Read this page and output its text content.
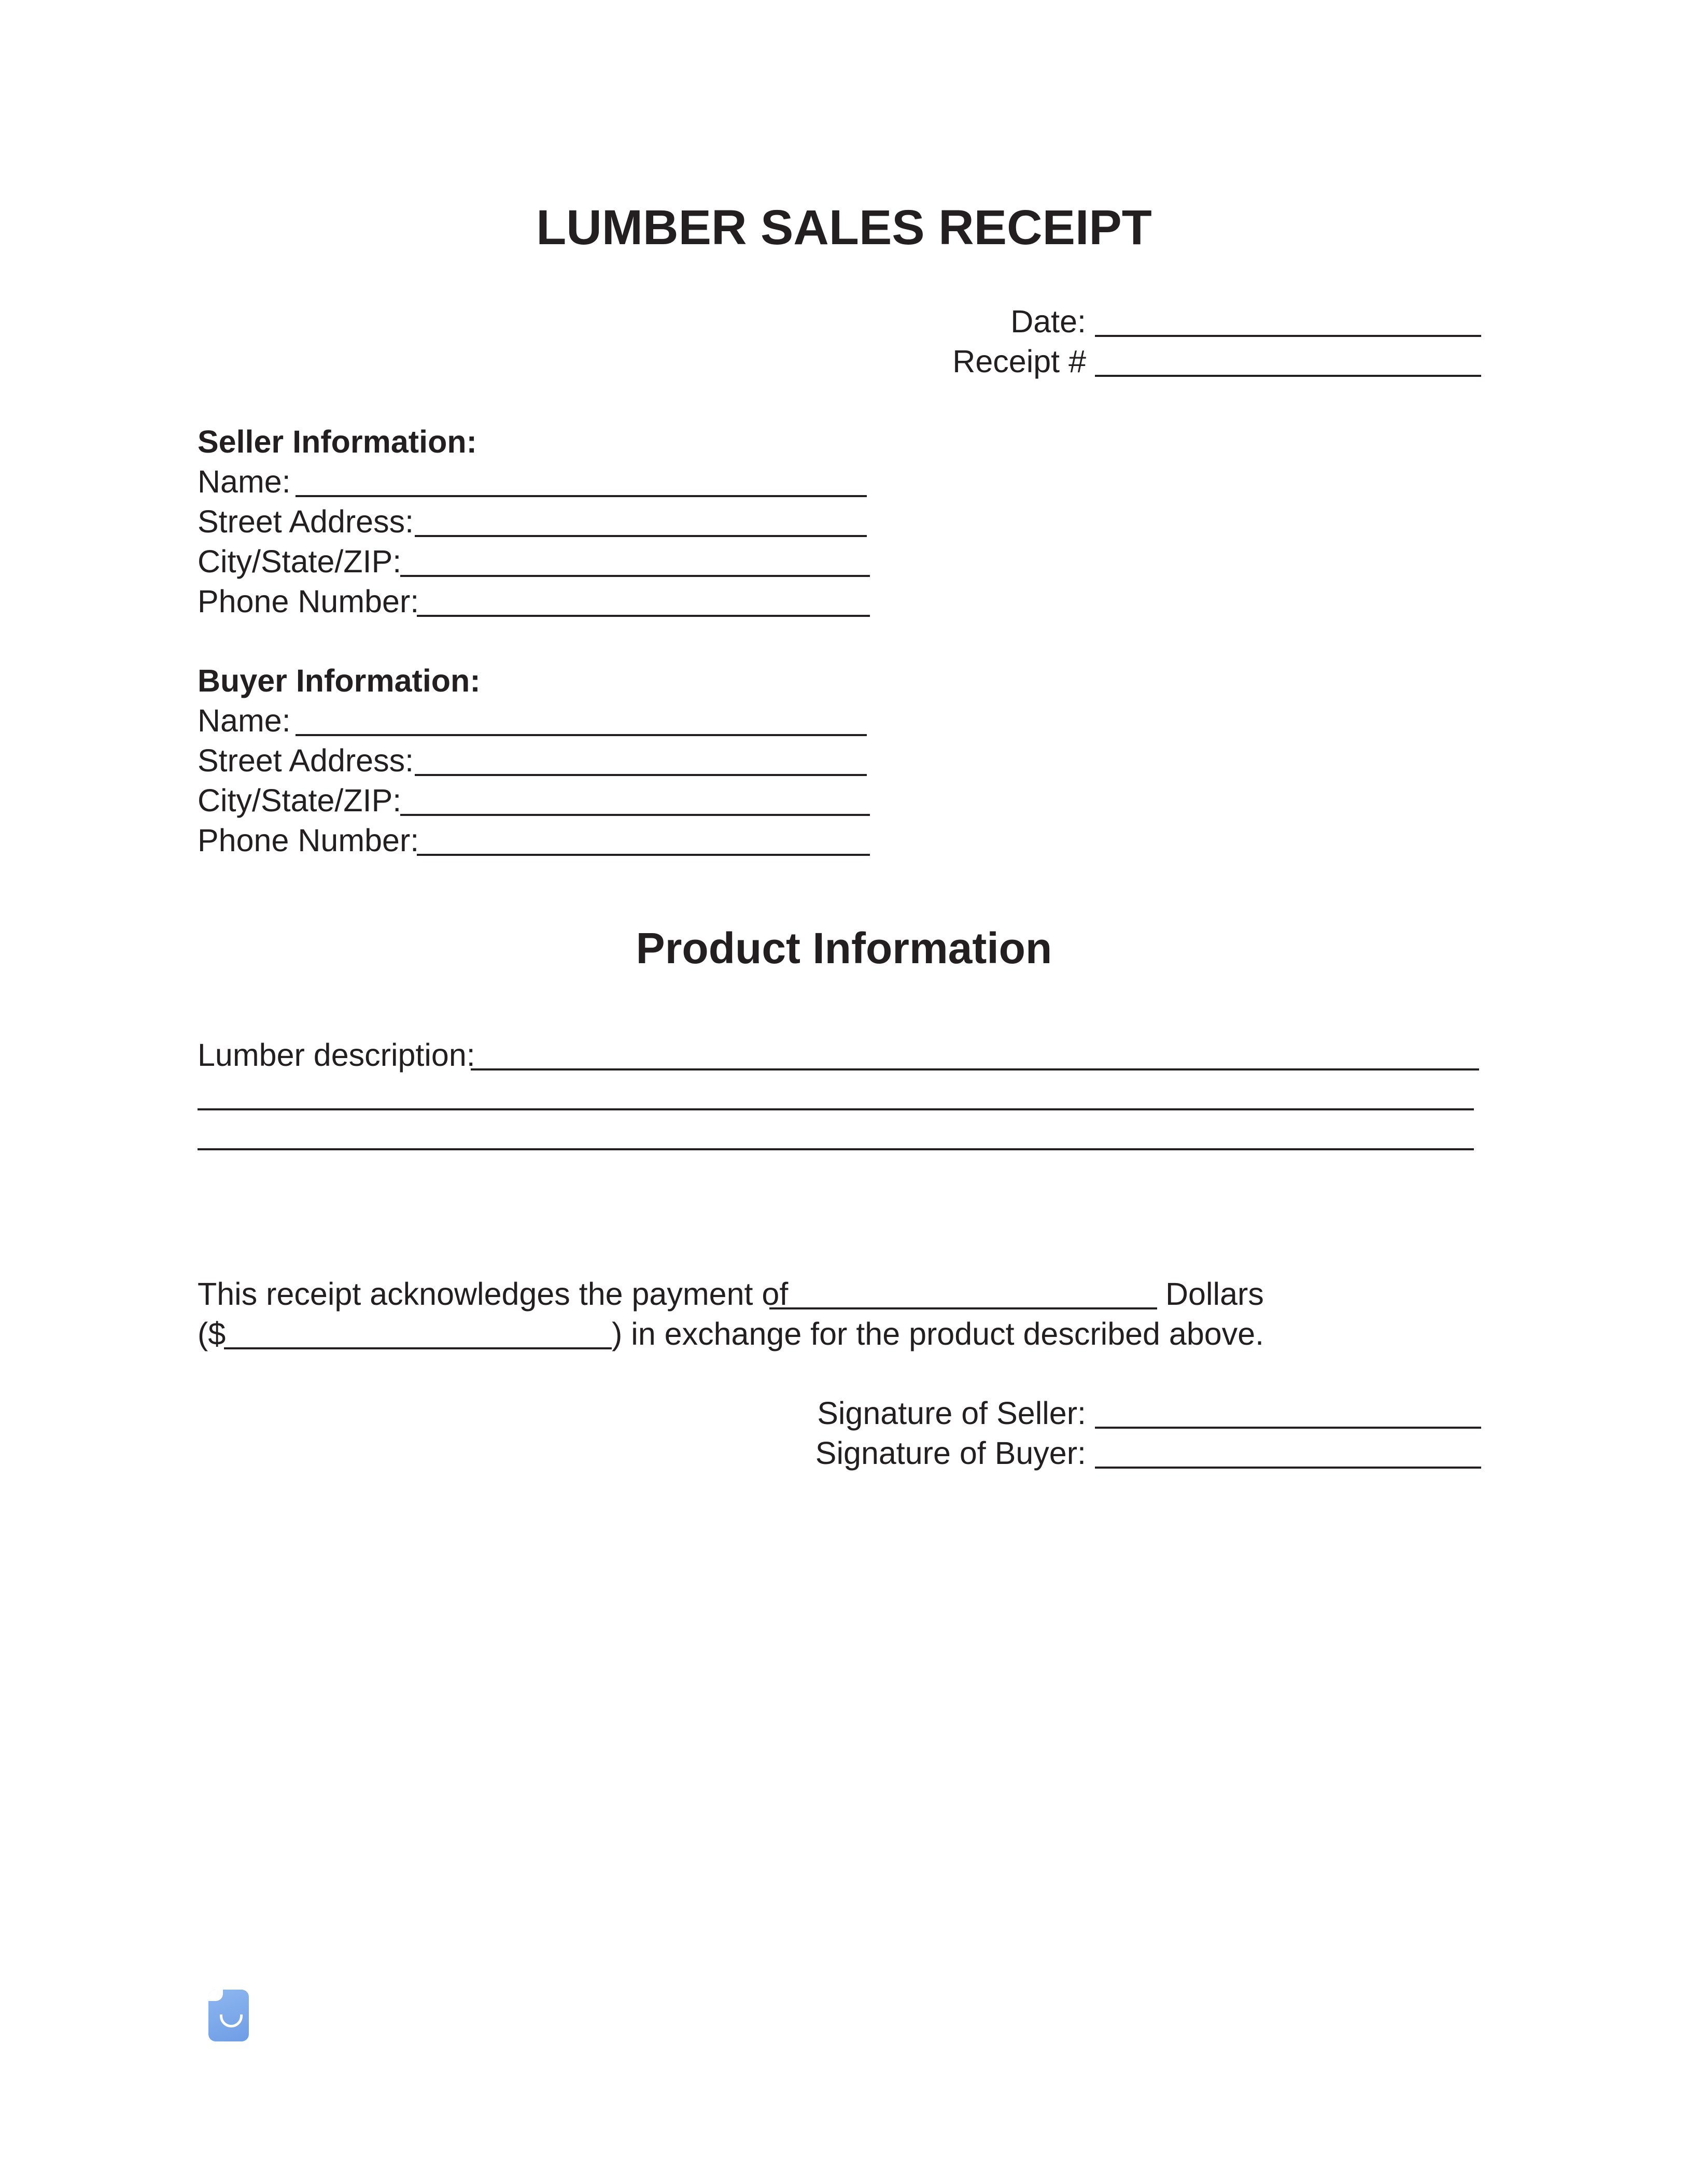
LUMBER SALES RECEIPT
Date:
Receipt #
Seller Information:
Name:
Street Address:
City/State/ZIP:
Phone Number:
Buyer Information:
Name:
Street Address:
City/State/ZIP:
Phone Number:
Product Information
Lumber description:
This receipt acknowledges the payment of	Dollars
($	) in exchange for the product described above.
Signature of Seller:
Signature of Buyer:
